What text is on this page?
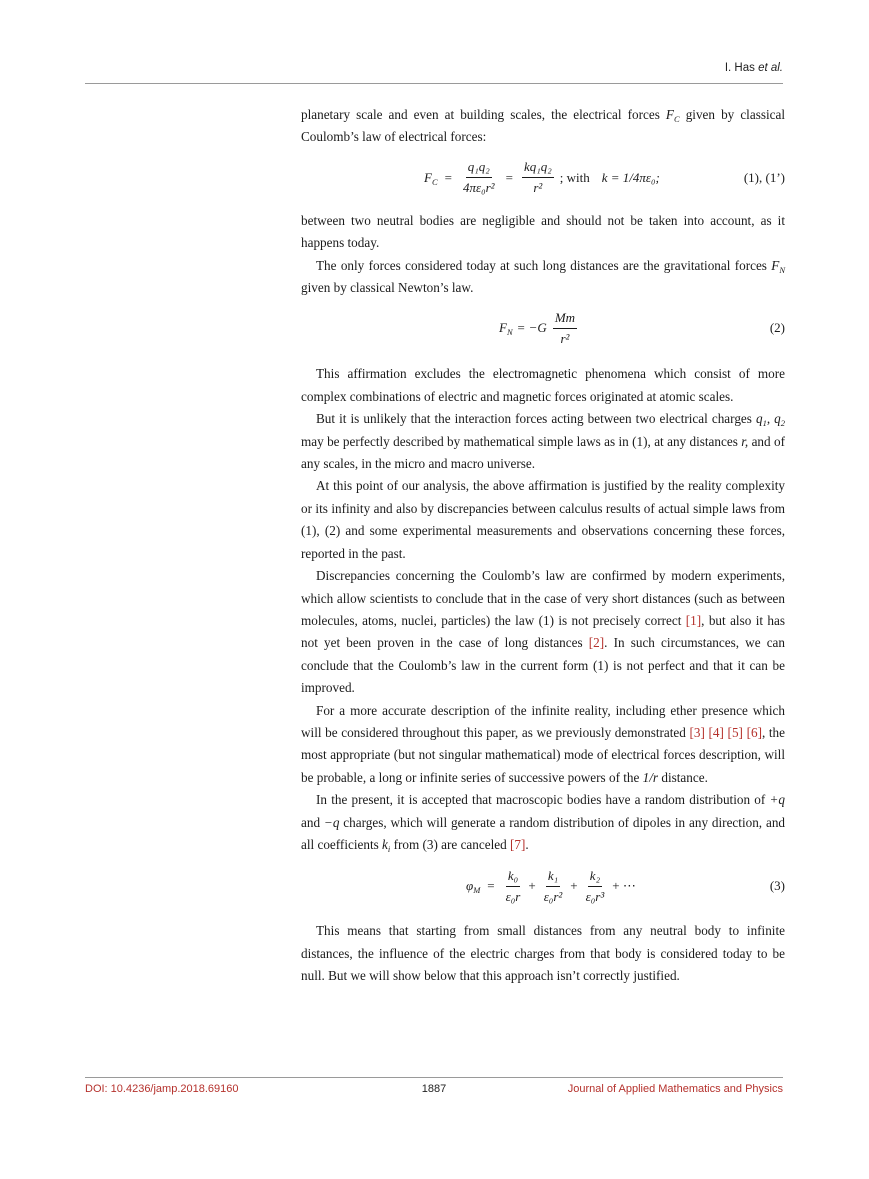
I. Has et al.

planetary scale and even at building scales, the electrical forces $F_C$ given by classical Coulomb’s law of electrical forces:

$F_C = \frac{\text{q₁q₂}}{\text{4πε₀r²}} = \frac{\text{kq₁q₂}}{\text{r²}}$ ; with k = 1/4πε₀;	(1), (1’)

between two neutral bodies are negligible and should not be taken into account, as it happens today.

The only forces considered today at such long distances are the gravitational forces $F_N$ given by classical Newton’s law.

$F_N = -G \frac{Mm}{\text{r²}}$	(2)

This affirmation excludes the electromagnetic phenomena which consist of more complex combinations of electric and magnetic forces originated at atomic scales.

But it is unlikely that the interaction forces acting between two electrical charges $q_1$, $q_2$ may be perfectly described by mathematical simple laws as in (1), at any distances r, and of any scales, in the micro and macro universe.

At this point of our analysis, the above affirmation is justified by the reality complexity or its infinity and also by discrepancies between calculus results of actual simple laws from (1), (2) and some experimental measurements and observations concerning these forces, reported in the past.

Discrepancies concerning the Coulomb’s law are confirmed by modern experiments, which allow scientists to conclude that in the case of very short distances (such as between molecules, atoms, nuclei, particles) the law (1) is not precisely correct [1], but also it has not yet been proven in the case of long distances [2]. In such circumstances, we can conclude that the Coulomb’s law in the current form (1) is not perfect and that it can be improved.

For a more accurate description of the infinite reality, including ether presence which will be considered throughout this paper, as we previously demonstrated [3] [4] [5] [6], the most appropriate (but not singular mathematical) mode of electrical forces description, will be probable, a long or infinite series of successive powers of the 1/r distance.

In the present, it is accepted that macroscopic bodies have a random distribution of +q and −q charges, which will generate a random distribution of dipoles in any direction, and all coefficients $k_i$ from (3) are canceled [7].

$\varphi_M = \frac{\text{k₀}}{\text{ε₀r}} + \frac{\text{k₁}}{\text{ε₀r²}} + \frac{\text{k₂}}{\text{ε₀r³}}$ + ⋯	(3)

This means that starting from small distances from any neutral body to infinite distances, the influence of the electric charges from that body is considered today to be null. But we will show below that this approach isn’t correctly justified.

DOI: 10.4236/jamp.2018.69160	1887	Journal of Applied Mathematics and Physics
